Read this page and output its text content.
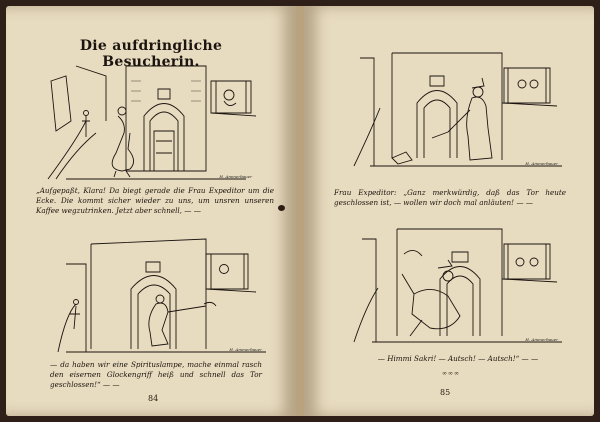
Die aufdringliche Besucherin.
H. Ammerbauer
„Aufgepaßt, Klara! Da biegt gerade die Frau Expeditor um die Ecke. Die kommt sicher wieder zu uns, um unsren unseren Kaffee wegzutrinken. Jetzt aber schnell, — —
H. Ammerbauer
— da haben wir eine Spirituslampe, mache einmal rasch den eisernen Glockengriff heiß und schnell das Tor geschlossen!“ — —
84
H. Ammerbauer
Frau Expeditor: „Ganz merkwürdig, daß das Tor heute geschlossen ist, — wollen wir doch mal anläuten! — —
H. Ammerbauer
— Himmi Sakri! — Autsch! — Autsch!“ — —
∞∞∞
85
